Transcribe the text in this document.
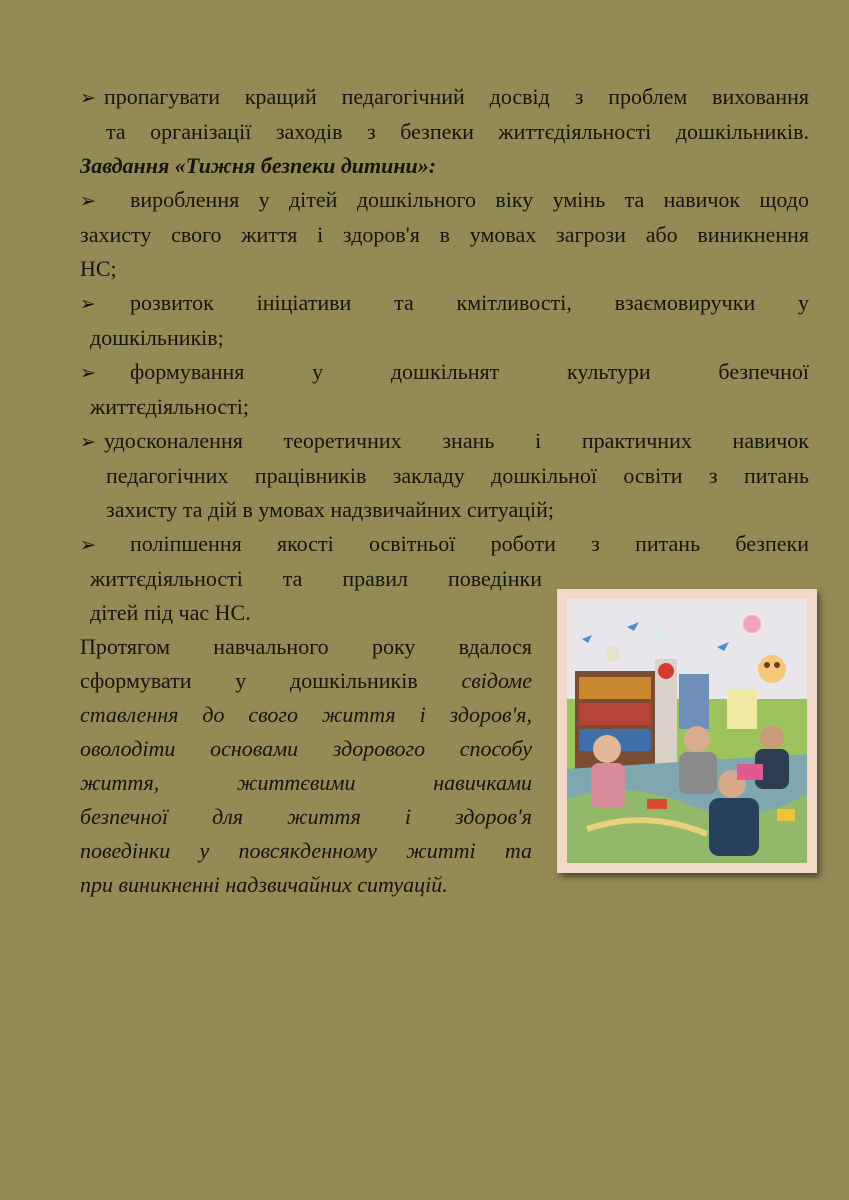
➢ пропагувати кращий педагогічний досвід з проблем виховання
та організації заходів з безпеки життєдіяльності дошкільників.
Завдання «Тижня безпеки дитини»:
➢ вироблення у дітей дошкільного віку умінь та навичок щодо
захисту свого життя і здоров'я в умовах загрози або виникнення
НС;
➢ розвиток ініціативи та кмітливості, взаємовиручки у
дошкільників;
➢ формування у дошкільнят культури безпечної
життєдіяльності;
➢ удосконалення теоретичних знань і практичних навичок
педагогічних працівників закладу дошкільної освіти з питань
захисту та дій в умовах надзвичайних ситуацій;
➢ поліпшення якості освітньої роботи з питань безпеки
життєдіяльності та правил поведінки
дітей під час НС.
Протягом навчального року вдалося
сформувати у дошкільників свідоме
ставлення до свого життя і здоров'я,
оволодіти основами здорового способу
життя, життєвими навичками
безпечної для життя і здоров'я
поведінки у повсякденному житті та
при виникненні надзвичайних ситуацій.
